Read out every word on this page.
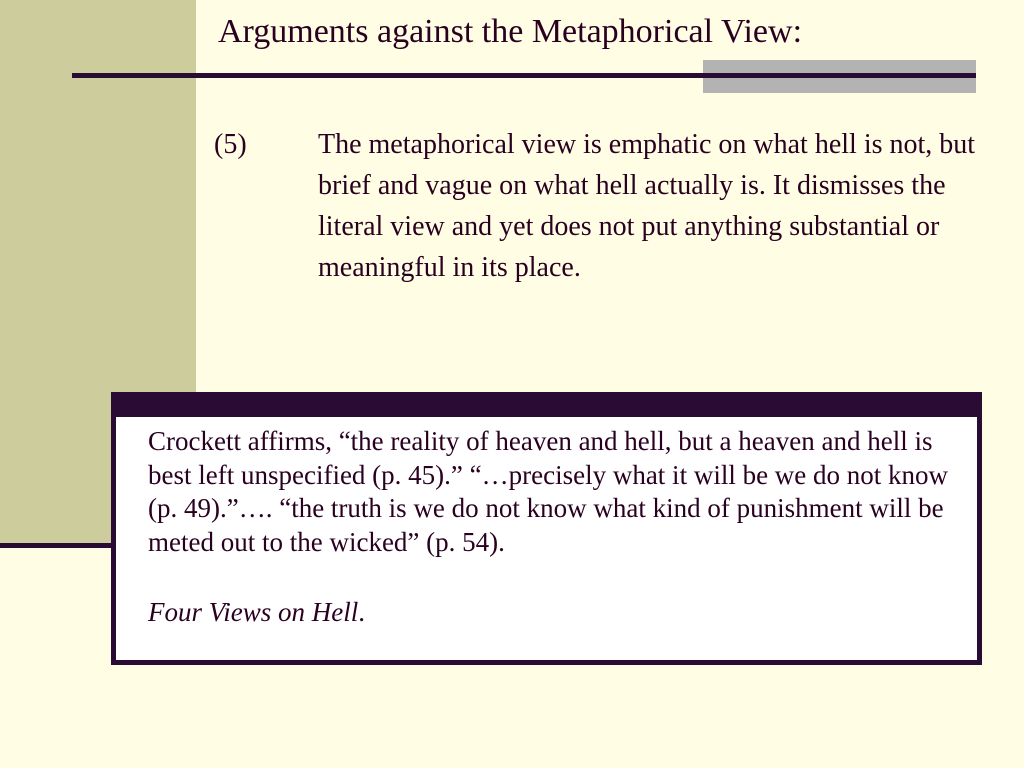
Arguments against the Metaphorical View:
(5)	The metaphorical view is emphatic on what hell is not, but brief and vague on what hell actually is. It dismisses the literal view and yet does not put anything substantial or meaningful in its place.
Crockett affirms, “the reality of heaven and hell, but a heaven and hell is best left unspecified (p. 45).” “…precisely what it will be we do not know (p. 49).”…. “the truth is we do not know what kind of punishment will be meted out to the wicked” (p. 54).
Four Views on Hell.
